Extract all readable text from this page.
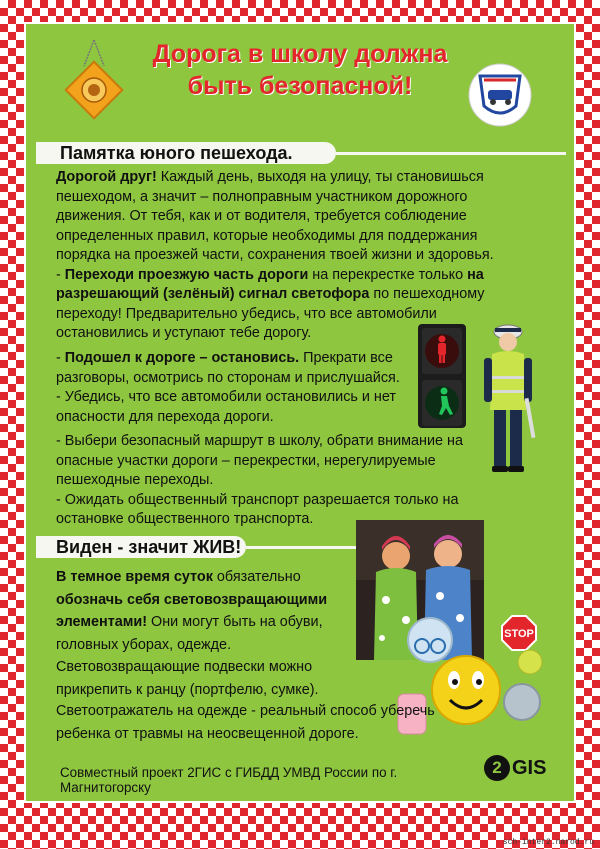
Дорога в школу должна
быть безопасной!
Памятка юного пешехода.

Дорогой друг! Каждый день, выходя на улицу, ты становишься пешеходом, а значит – полноправным участником дорожного движения. От тебя, как и от водителя, требуется соблюдение определенных правил, которые необходимы для поддержания порядка на проезжей части, сохранения твоей жизни и здоровья.

- Переходи проезжую часть дороги на перекрестке только на разрешающий (зелёный) сигнал светофора по пешеходному переходу! Предварительно убедись, что все автомобили остановились и уступают тебе дорогу.

- Подошел к дороге – остановись. Прекрати все разговоры, осмотрись по сторонам и прислушайся.

- Убедись, что все автомобили остановились и нет опасности для перехода дороги.

- Выбери безопасный маршрут в школу, обрати внимание на опасные участки дороги – перекрестки, нерегулируемые пешеходные переходы.

- Ожидать общественный транспорт разрешается только на остановке общественного транспорта.

Виден - значит ЖИВ!
STOP

В темное время суток обязательно обозначь себя световозвращающими элементами! Они могут быть на обуви, головных уборах, одежде.

Световозвращающие подвески можно прикрепить к ранцу (портфелю, сумке).

Светоотражатель на одежде - реальный способ уберечь ребенка от травмы на неосвещенной дороге.

Совместный проект 2ГИС с ГИБДД УМВД России по г. Магнитогорску
2 GIS
sch-inter2.narod.ru
